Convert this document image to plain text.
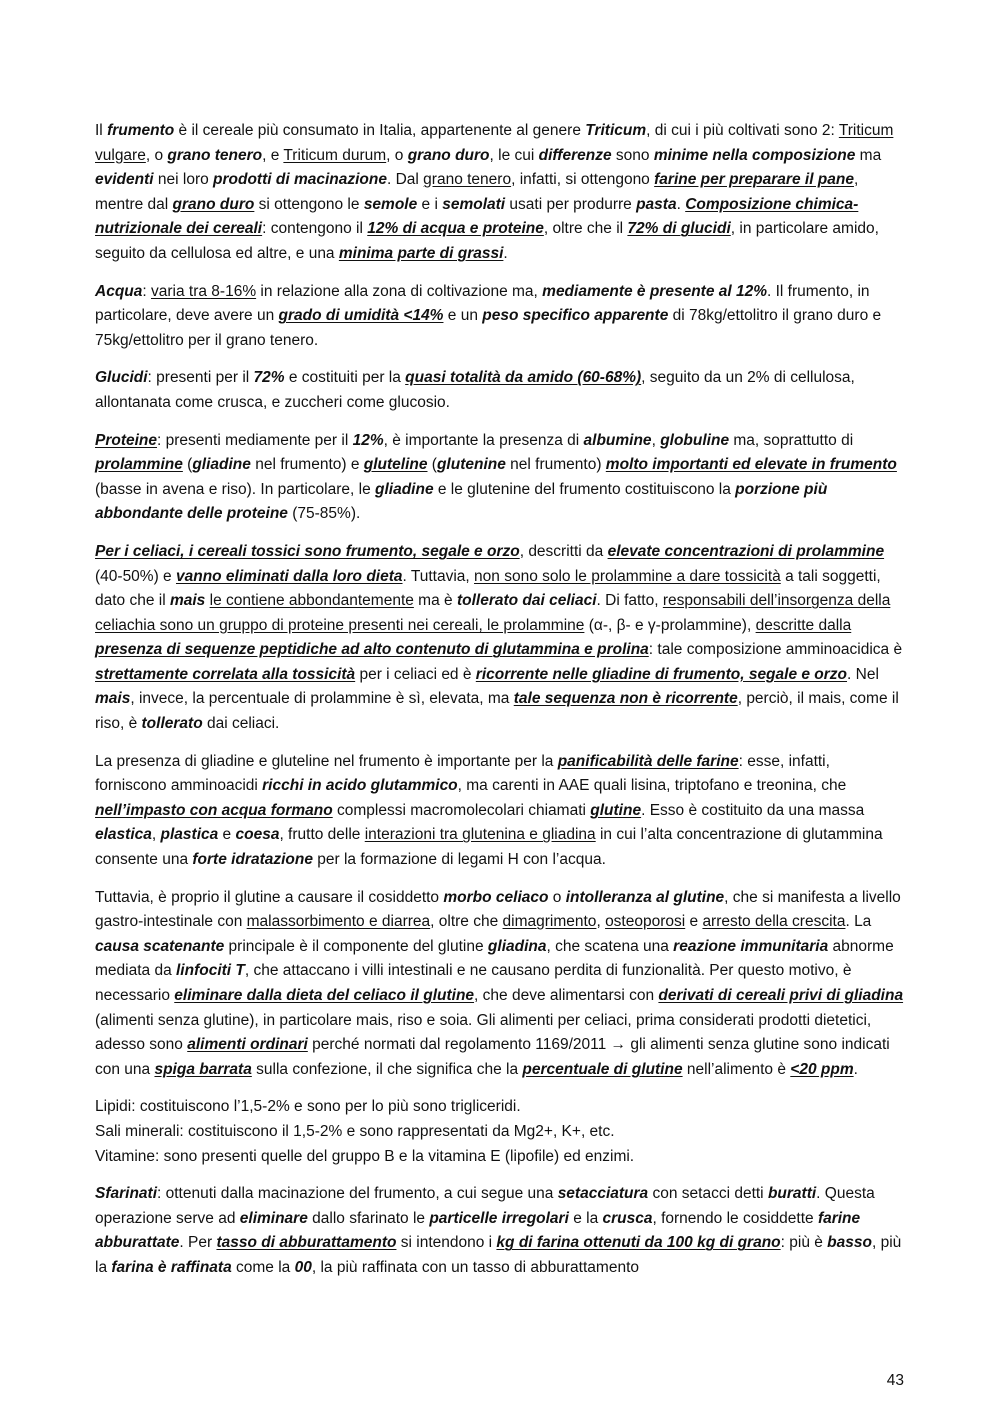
Il frumento è il cereale più consumato in Italia, appartenente al genere Triticum, di cui i più coltivati sono 2: Triticum vulgare, o grano tenero, e Triticum durum, o grano duro, le cui differenze sono minime nella composizione ma evidenti nei loro prodotti di macinazione. Dal grano tenero, infatti, si ottengono farine per preparare il pane, mentre dal grano duro si ottengono le semole e i semolati usati per produrre pasta. Composizione chimica-nutrizionale dei cereali: contengono il 12% di acqua e proteine, oltre che il 72% di glucidi, in particolare amido, seguito da cellulosa ed altre, e una minima parte di grassi.

Acqua: varia tra 8-16% in relazione alla zona di coltivazione ma, mediamente è presente al 12%. Il frumento, in particolare, deve avere un grado di umidità <14% e un peso specifico apparente di 78kg/ettolitro il grano duro e 75kg/ettolitro per il grano tenero.

Glucidi: presenti per il 72% e costituiti per la quasi totalità da amido (60-68%), seguito da un 2% di cellulosa, allontanata come crusca, e zuccheri come glucosio.

Proteine: presenti mediamente per il 12%, è importante la presenza di albumine, globuline ma, soprattutto di prolammine (gliadine nel frumento) e gluteline (glutenine nel frumento) molto importanti ed elevate in frumento (basse in avena e riso). In particolare, le gliadine e le glutenine del frumento costituiscono la porzione più abbondante delle proteine (75-85%).

Per i celiaci, i cereali tossici sono frumento, segale e orzo, descritti da elevate concentrazioni di prolammine (40-50%) e vanno eliminati dalla loro dieta. Tuttavia, non sono solo le prolammine a dare tossicità a tali soggetti, dato che il mais le contiene abbondantemente ma è tollerato dai celiaci. Di fatto, responsabili dell’insorgenza della celiachia sono un gruppo di proteine presenti nei cereali, le prolammine (α-, β- e γ-prolammine), descritte dalla presenza di sequenze peptidiche ad alto contenuto di glutammina e prolina: tale composizione amminoacidica è strettamente correlata alla tossicità per i celiaci ed è ricorrente nelle gliadine di frumento, segale e orzo. Nel mais, invece, la percentuale di prolammine è sì, elevata, ma tale sequenza non è ricorrente, perciò, il mais, come il riso, è tollerato dai celiaci.

La presenza di gliadine e gluteline nel frumento è importante per la panificabilità delle farine: esse, infatti, forniscono amminoacidi ricchi in acido glutammico, ma carenti in AAE quali lisina, triptofano e treonina, che nell’impasto con acqua formano complessi macromolecolari chiamati glutine. Esso è costituito da una massa elastica, plastica e coesa, frutto delle interazioni tra glutenina e gliadina in cui l’alta concentrazione di glutammina consente una forte idratazione per la formazione di legami H con l’acqua.

Tuttavia, è proprio il glutine a causare il cosiddetto morbo celiaco o intolleranza al glutine, che si manifesta a livello gastro-intestinale con malassorbimento e diarrea, oltre che dimagrimento, osteoporosi e arresto della crescita. La causa scatenante principale è il componente del glutine gliadina, che scatena una reazione immunitaria abnorme mediata da linfociti T, che attaccano i villi intestinali e ne causano perdita di funzionalità. Per questo motivo, è necessario eliminare dalla dieta del celiaco il glutine, che deve alimentarsi con derivati di cereali privi di gliadina (alimenti senza glutine), in particolare mais, riso e soia. Gli alimenti per celiaci, prima considerati prodotti dietetici, adesso sono alimenti ordinari perché normati dal regolamento 1169/2011 → gli alimenti senza glutine sono indicati con una spiga barrata sulla confezione, il che significa che la percentuale di glutine nell’alimento è <20 ppm.

Lipidi: costituiscono l’1,5-2% e sono per lo più sono trigliceridi.
Sali minerali: costituiscono il 1,5-2% e sono rappresentati da Mg2+, K+, etc.
Vitamine: sono presenti quelle del gruppo B e la vitamina E (lipofile) ed enzimi.

Sfarinati: ottenuti dalla macinazione del frumento, a cui segue una setacciatura con setacci detti buratti. Questa operazione serve ad eliminare dallo sfarinato le particelle irregolari e la crusca, fornendo le cosiddette farine abburattate. Per tasso di abburattamento si intendono i kg di farina ottenuti da 100 kg di grano: più è basso, più la farina è raffinata come la 00, la più raffinata con un tasso di abburattamento

43
